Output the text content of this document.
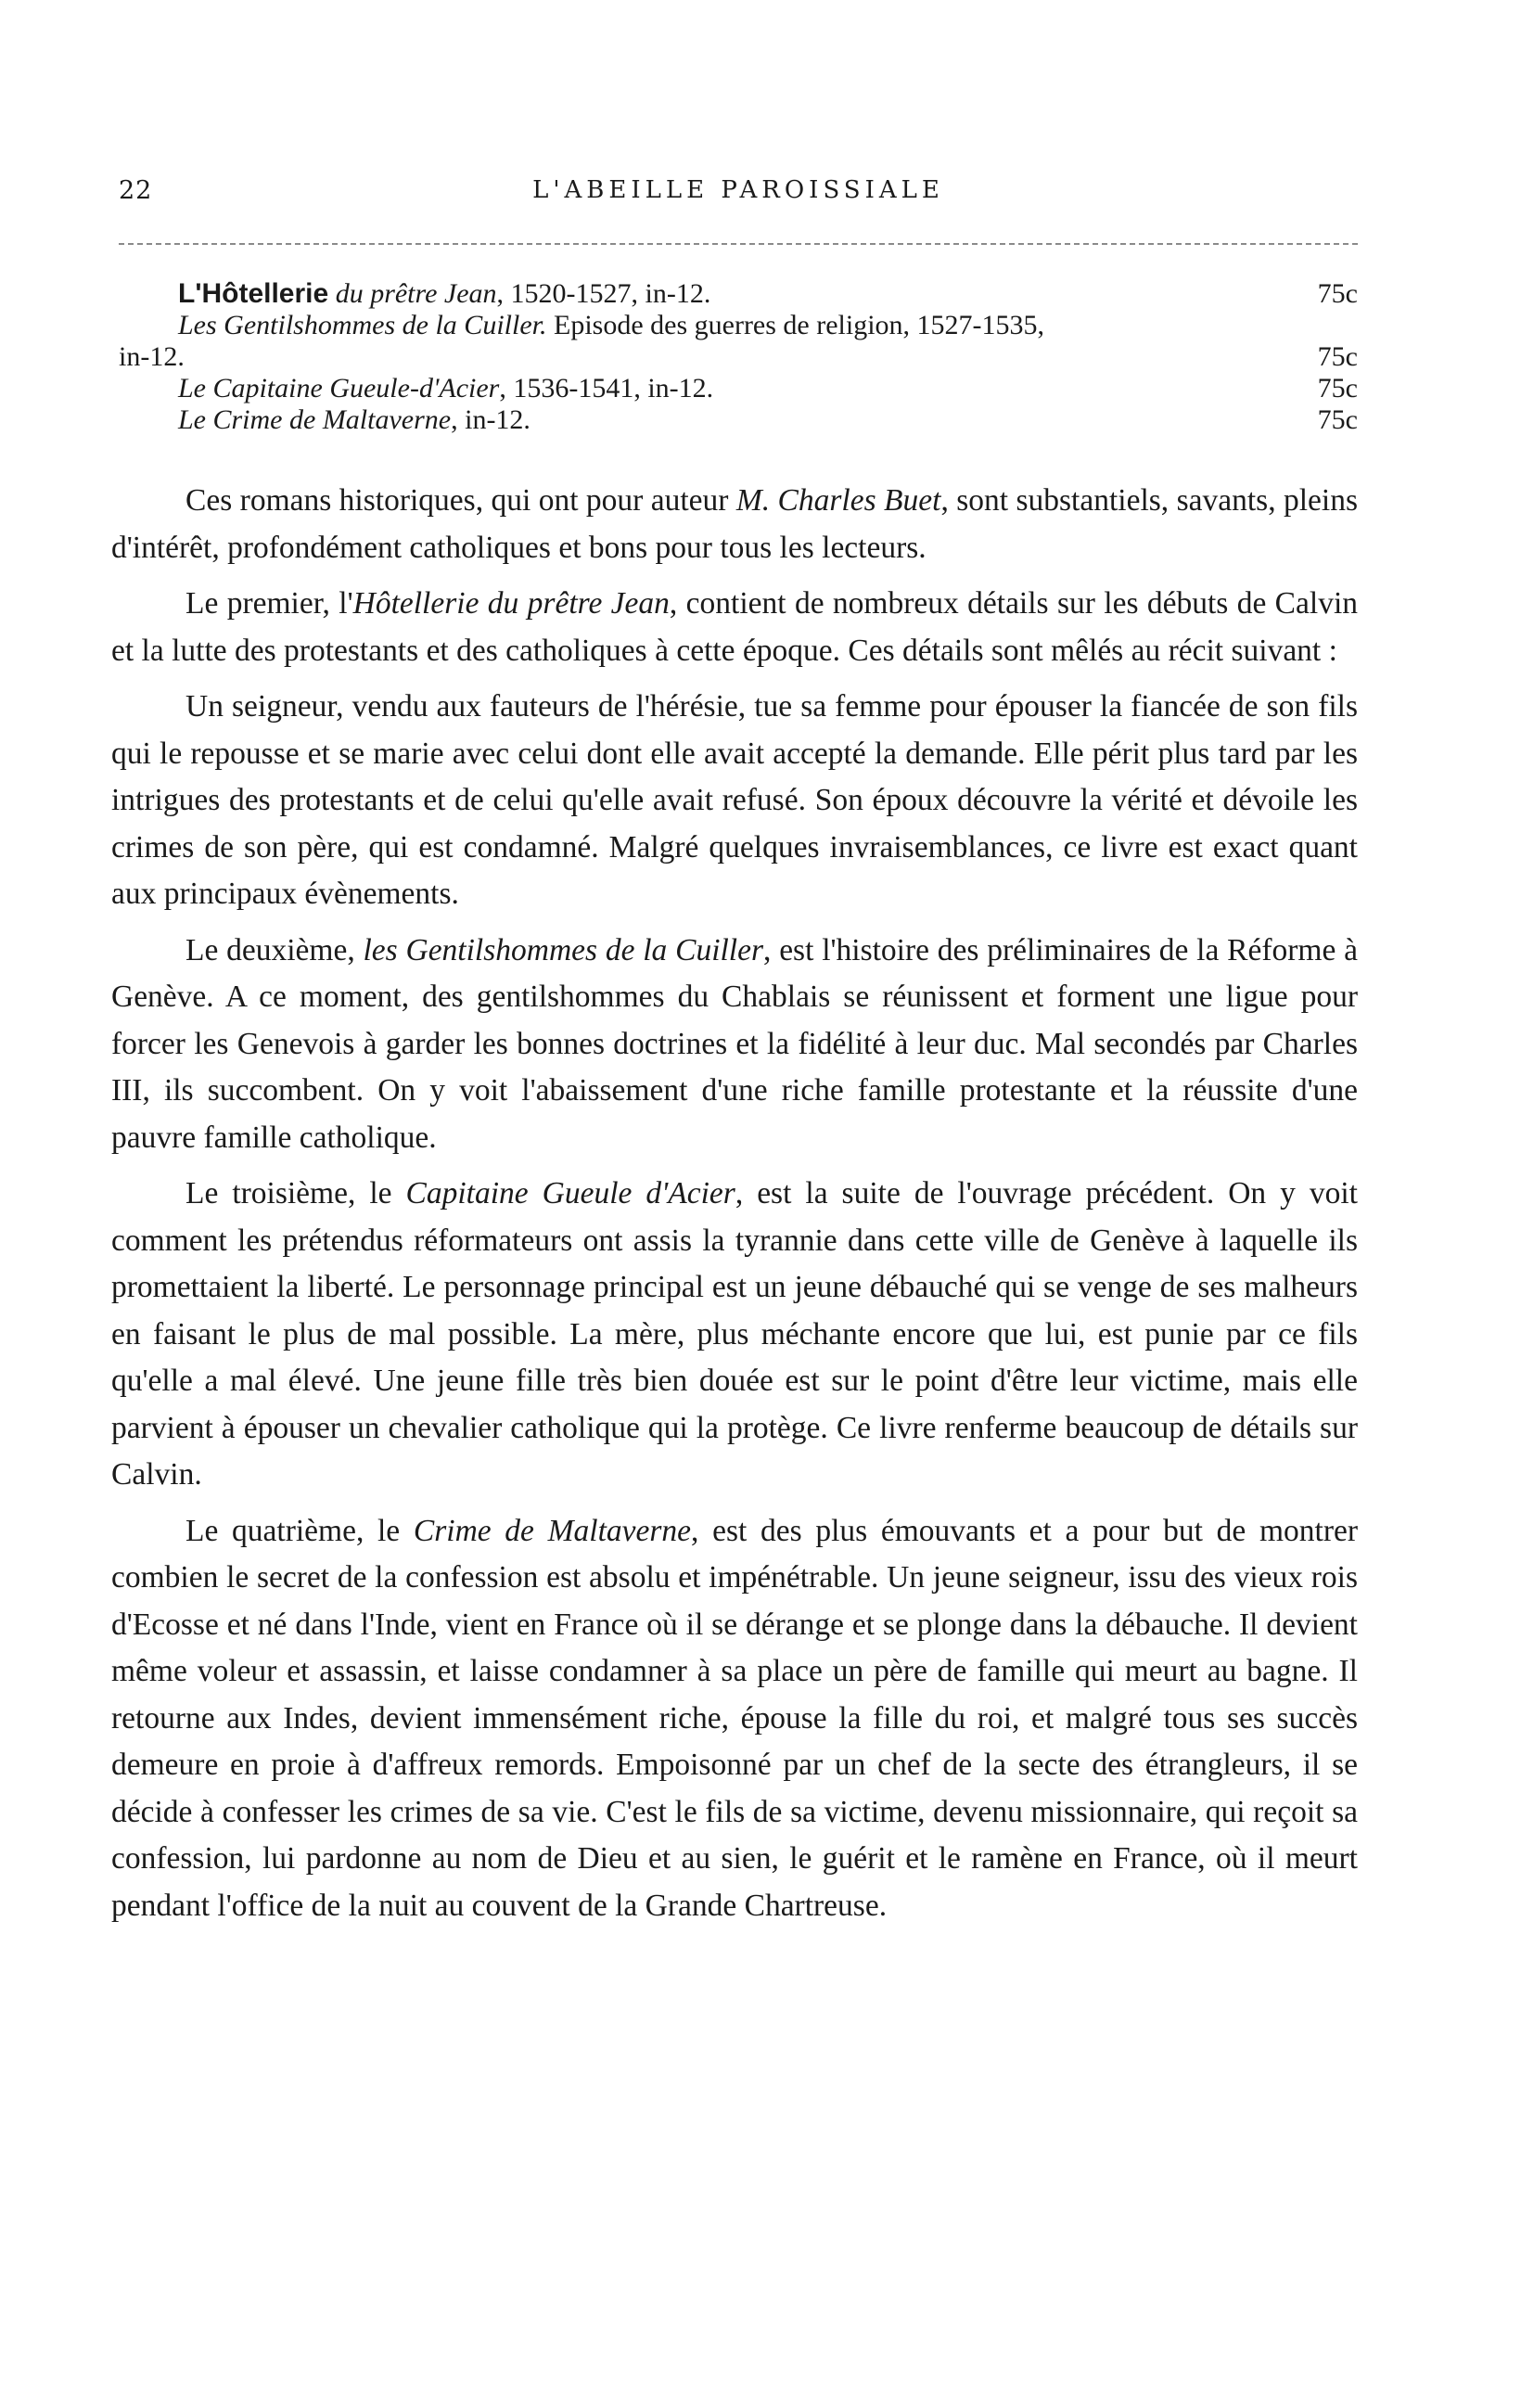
22	L'ABEILLE PAROISSIALE
L'Hôtellerie du prêtre Jean, 1520-1527, in-12.	75c
Les Gentilshommes de la Cuiller. Episode des guerres de religion, 1527-1535,
in-12.	75c
Le Capitaine Gueule-d'Acier, 1536-1541, in-12.	75c
Le Crime de Maltaverne, in-12.	75c

Ces romans historiques, qui ont pour auteur M. Charles Buet, sont substantiels, savants, pleins d'intérêt, profondément catholiques et bons pour tous les lecteurs.

Le premier, l'Hôtellerie du prêtre Jean, contient de nombreux détails sur les débuts de Calvin et la lutte des protestants et des catholiques à cette époque. Ces détails sont mêlés au récit suivant :

Un seigneur, vendu aux fauteurs de l'hérésie, tue sa femme pour épouser la fiancée de son fils qui le repousse et se marie avec celui dont elle avait accepté la demande. Elle périt plus tard par les intrigues des protestants et de celui qu'elle avait refusé. Son époux découvre la vérité et dévoile les crimes de son père, qui est condamné. Malgré quelques invraisemblances, ce livre est exact quant aux principaux évènements.

Le deuxième, les Gentilshommes de la Cuiller, est l'histoire des préliminaires de la Réforme à Genève. A ce moment, des gentilshommes du Chablais se réunissent et forment une ligue pour forcer les Genevois à garder les bonnes doctrines et la fidélité à leur duc. Mal secondés par Charles III, ils succombent. On y voit l'abaissement d'une riche famille protestante et la réussite d'une pauvre famille catholique.

Le troisième, le Capitaine Gueule d'Acier, est la suite de l'ouvrage précédent. On y voit comment les prétendus réformateurs ont assis la tyrannie dans cette ville de Genève à laquelle ils promettaient la liberté. Le personnage principal est un jeune débauché qui se venge de ses malheurs en faisant le plus de mal possible. La mère, plus méchante encore que lui, est punie par ce fils qu'elle a mal élevé. Une jeune fille très bien douée est sur le point d'être leur victime, mais elle parvient à épouser un chevalier catholique qui la protège. Ce livre renferme beaucoup de détails sur Calvin.

Le quatrième, le Crime de Maltaverne, est des plus émouvants et a pour but de montrer combien le secret de la confession est absolu et impénétrable. Un jeune seigneur, issu des vieux rois d'Ecosse et né dans l'Inde, vient en France où il se dérange et se plonge dans la débauche. Il devient même voleur et assassin, et laisse condamner à sa place un père de famille qui meurt au bagne. Il retourne aux Indes, devient immensément riche, épouse la fille du roi, et malgré tous ses succès demeure en proie à d'affreux remords. Empoisonné par un chef de la secte des étrangleurs, il se décide à confesser les crimes de sa vie. C'est le fils de sa victime, devenu missionnaire, qui reçoit sa confession, lui pardonne au nom de Dieu et au sien, le guérit et le ramène en France, où il meurt pendant l'office de la nuit au couvent de la Grande Chartreuse.
